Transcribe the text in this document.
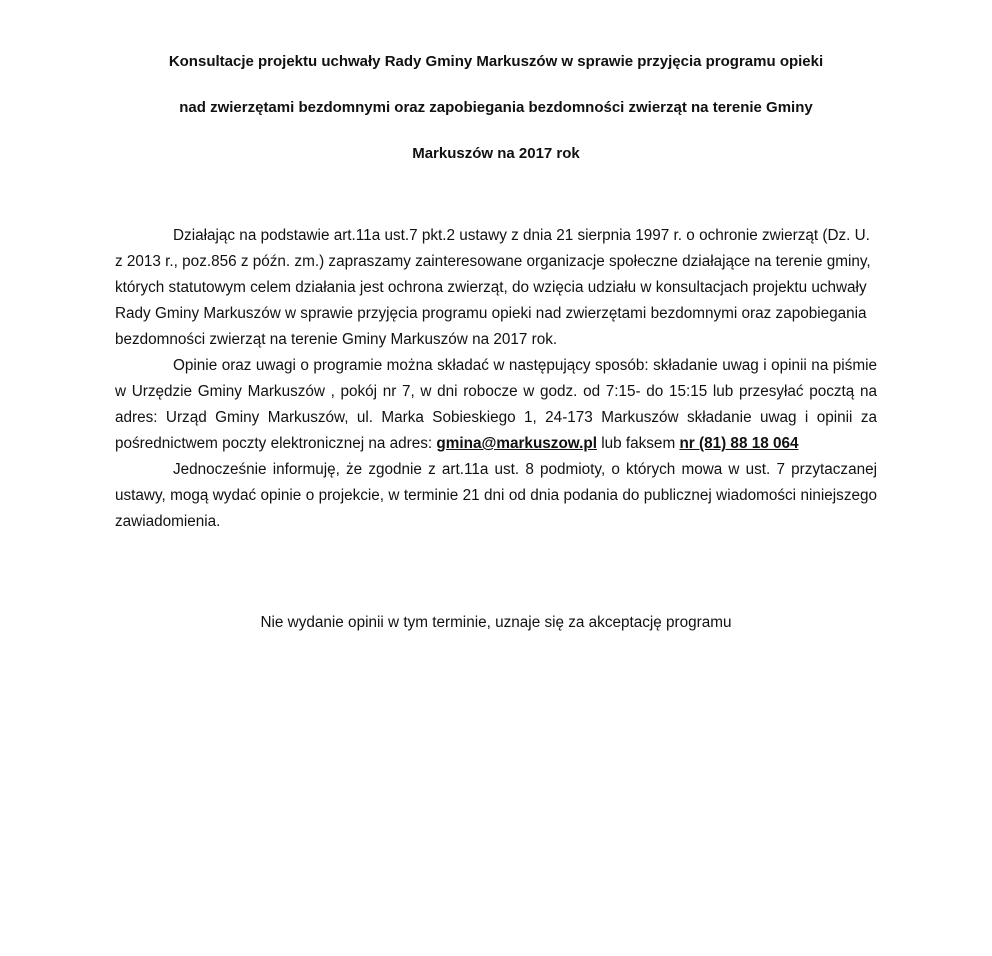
Konsultacje projektu uchwały Rady Gminy Markuszów w sprawie przyjęcia programu opieki
nad zwierzętami bezdomnymi oraz zapobiegania bezdomności zwierząt na terenie Gminy
Markuszów na 2017 rok

Działając na podstawie art.11a ust.7 pkt.2 ustawy z dnia 21 sierpnia 1997 r. o ochronie zwierząt (Dz. U. z 2013 r., poz.856 z późn. zm.) zapraszamy zainteresowane organizacje społeczne działające na terenie gminy, których statutowym celem działania jest ochrona zwierząt, do wzięcia udziału w konsultacjach projektu uchwały Rady Gminy Markuszów w sprawie przyjęcia programu opieki nad zwierzętami bezdomnymi oraz zapobiegania bezdomności zwierząt na terenie Gminy Markuszów na 2017 rok.

Opinie oraz uwagi o programie można składać w następujący sposób: składanie uwag i opinii na piśmie w Urzędzie Gminy Markuszów , pokój nr 7, w dni robocze w godz. od 7:15- do 15:15 lub przesyłać pocztą na adres: Urząd Gminy Markuszów, ul. Marka Sobieskiego 1, 24-173 Markuszów składanie uwag i opinii za pośrednictwem poczty elektronicznej na adres: gmina@markuszow.pl lub faksem nr (81) 88 18 064

Jednocześnie informuję, że zgodnie z art.11a ust. 8 podmioty, o których mowa w ust. 7 przytaczanej ustawy, mogą wydać opinie o projekcie, w terminie 21 dni od dnia podania do publicznej wiadomości niniejszego zawiadomienia.

Nie wydanie opinii w tym terminie, uznaje się za akceptację programu
